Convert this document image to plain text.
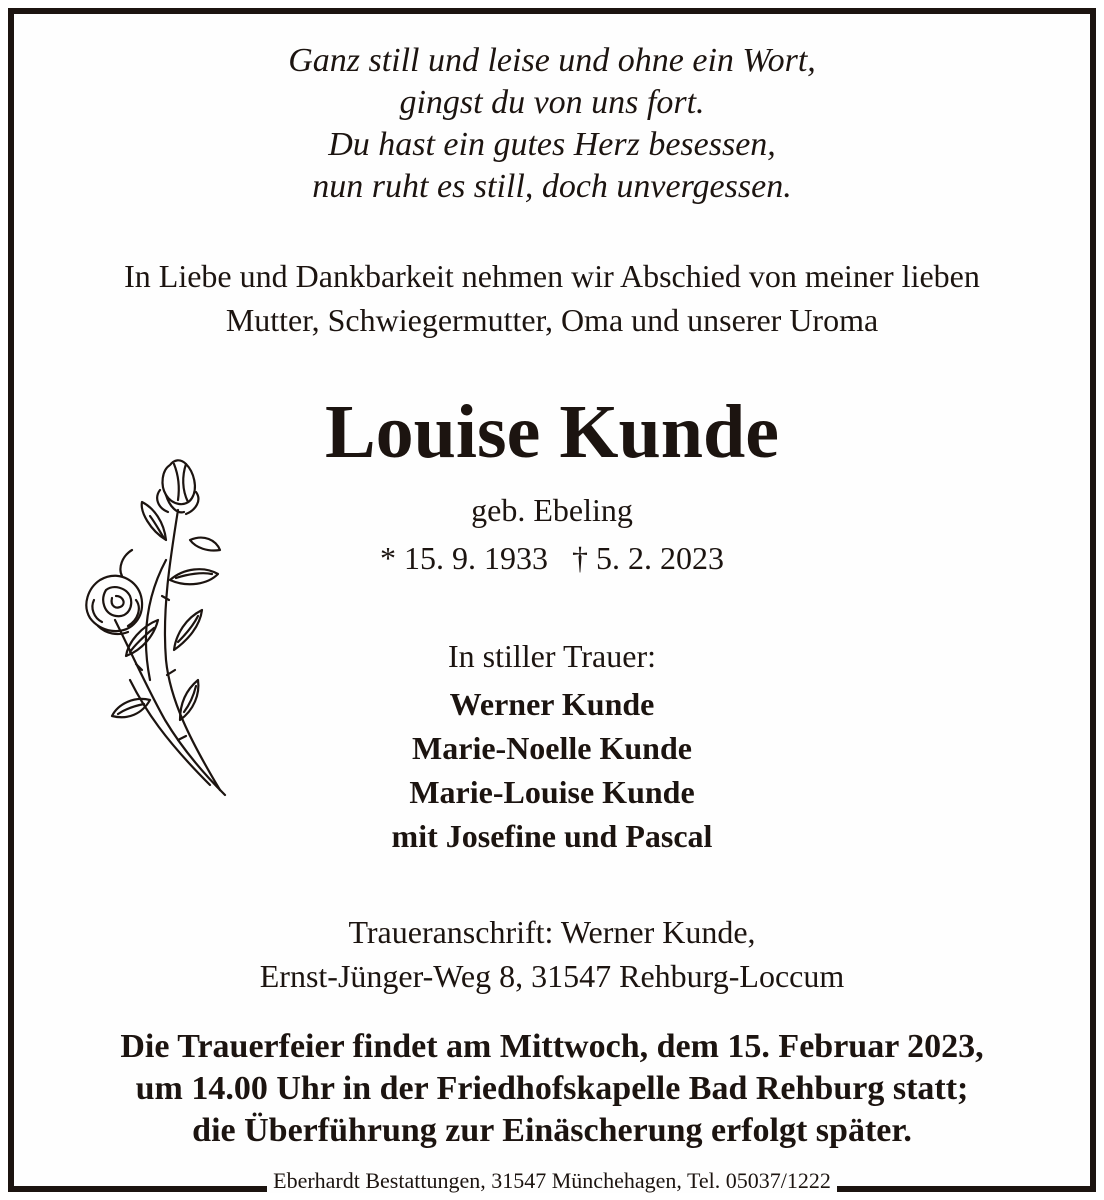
Ganz still und leise und ohne ein Wort,
gingst du von uns fort.
Du hast ein gutes Herz besessen,
nun ruht es still, doch unvergessen.
In Liebe und Dankbarkeit nehmen wir Abschied von meiner lieben
Mutter, Schwiegermutter, Oma und unserer Uroma
Louise Kunde
geb. Ebeling
* 15. 9. 1933   † 5. 2. 2023
In stiller Trauer:
Werner Kunde
Marie-Noelle Kunde
Marie-Louise Kunde
mit Josefine und Pascal
Traueranschrift: Werner Kunde,
Ernst-Jünger-Weg 8, 31547 Rehburg-Loccum
Die Trauerfeier findet am Mittwoch, dem 15. Februar 2023,
um 14.00 Uhr in der Friedhofskapelle Bad Rehburg statt;
die Überführung zur Einäscherung erfolgt später.
Eberhardt Bestattungen, 31547 Münchehagen, Tel. 05037/1222
